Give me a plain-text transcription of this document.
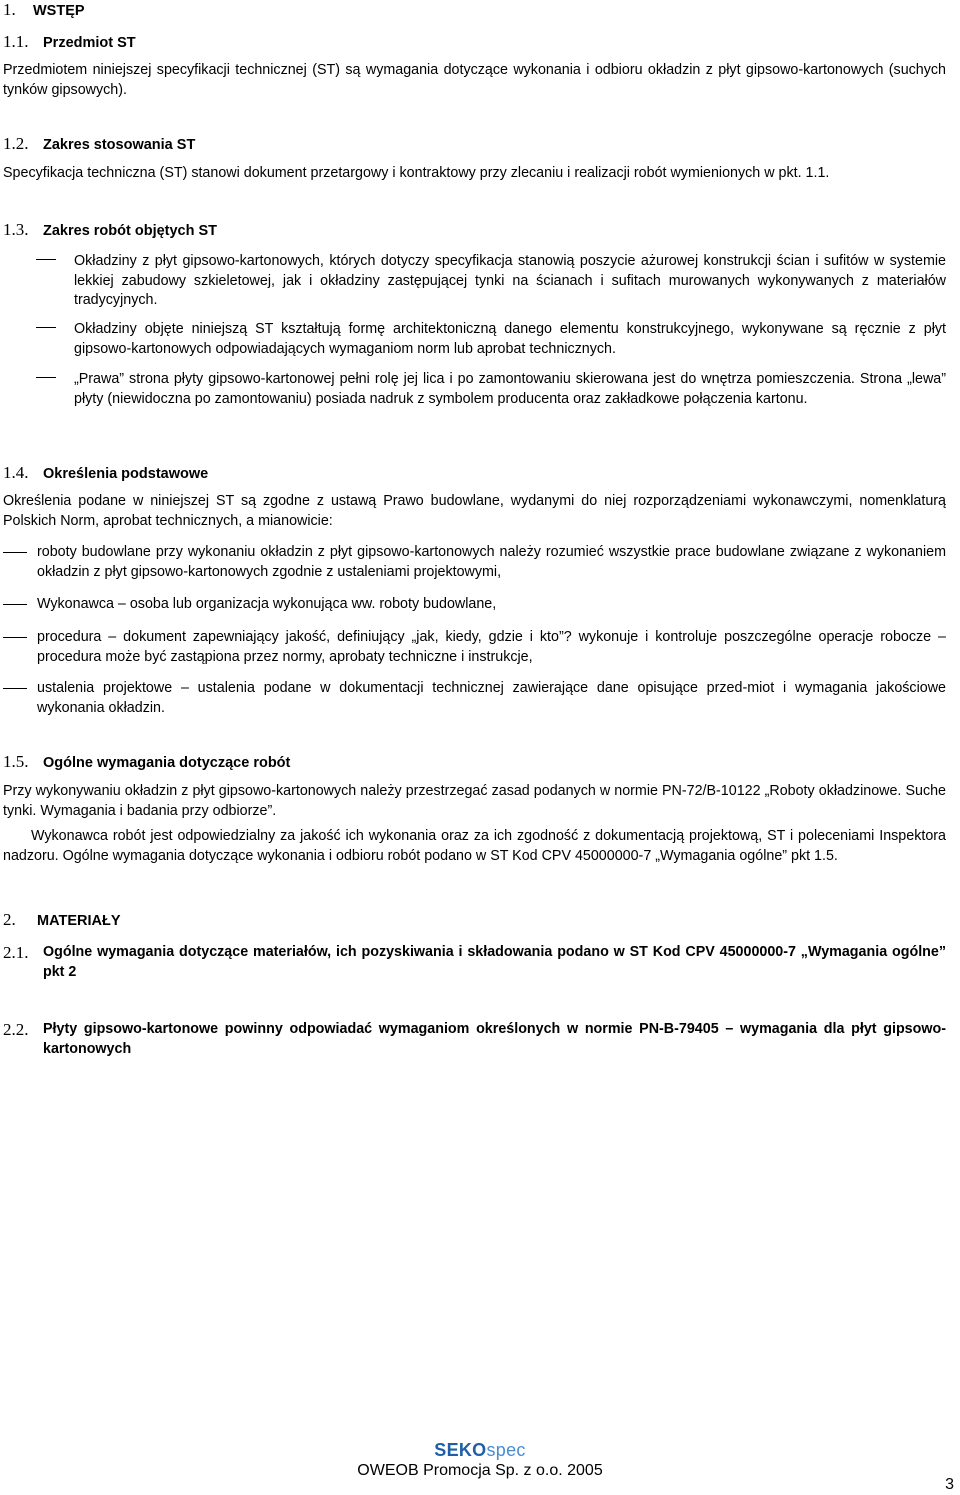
1. WSTĘP
1.1. Przedmiot ST
Przedmiotem niniejszej specyfikacji technicznej (ST) są wymagania dotyczące wykonania i odbioru okładzin z płyt gipsowo-kartonowych (suchych tynków gipsowych).
1.2. Zakres stosowania ST
Specyfikacja techniczna (ST) stanowi dokument przetargowy i kontraktowy przy zlecaniu i realizacji robót wymienionych w pkt. 1.1.
1.3. Zakres robót objętych ST
Okładziny z płyt gipsowo-kartonowych, których dotyczy specyfikacja stanowią poszycie ażurowej konstrukcji ścian i sufitów w systemie lekkiej zabudowy szkieletowej, jak i okładziny zastępującej tynki na ścianach i sufitach murowanych wykonywanych z materiałów tradycyjnych.
Okładziny objęte niniejszą ST kształtują formę architektoniczną danego elementu konstrukcyjnego, wykonywane są ręcznie z płyt gipsowo-kartonowych odpowiadających wymaganiom norm lub aprobat technicznych.
„Prawa” strona płyty gipsowo-kartonowej pełni rolę jej lica i po zamontowaniu skierowana jest do wnętrza pomieszczenia. Strona „lewa” płyty (niewidoczna po zamontowaniu) posiada nadruk z symbolem producenta oraz zakładkowe połączenia kartonu.
1.4. Określenia podstawowe
Określenia podane w niniejszej ST są zgodne z ustawą Prawo budowlane, wydanymi do niej rozporządzeniami wykonawczymi, nomenklaturą Polskich Norm, aprobat technicznych, a mianowicie:
roboty budowlane przy wykonaniu okładzin z płyt gipsowo-kartonowych należy rozumieć wszystkie prace budowlane związane z wykonaniem okładzin z płyt gipsowo-kartonowych zgodnie z ustaleniami projektowymi,
Wykonawca – osoba lub organizacja wykonująca ww. roboty budowlane,
procedura – dokument zapewniający jakość, definiujący „jak, kiedy, gdzie i kto”? wykonuje i kontroluje poszczególne operacje robocze – procedura może być zastąpiona przez normy, aprobaty techniczne i instrukcje,
ustalenia projektowe – ustalenia podane w dokumentacji technicznej zawierające dane opisujące przed-miot i wymagania jakościowe wykonania okładzin.
1.5. Ogólne wymagania dotyczące robót
Przy wykonywaniu okładzin z płyt gipsowo-kartonowych należy przestrzegać zasad podanych w normie PN-72/B-10122 „Roboty okładzinowe. Suche tynki. Wymagania i badania przy odbiorze”.
Wykonawca robót jest odpowiedzialny za jakość ich wykonania oraz za ich zgodność z dokumentacją projektową, ST i poleceniami Inspektora nadzoru. Ogólne wymagania dotyczące wykonania i odbioru robót podano w ST Kod CPV 45000000-7 „Wymagania ogólne” pkt 1.5.
2. MATERIAŁY
2.1.	Ogólne wymagania dotyczące materiałów, ich pozyskiwania i składowania podano w ST Kod CPV 45000000-7 „Wymagania ogólne” pkt 2
2.2.	Płyty gipsowo-kartonowe powinny odpowiadać wymaganiom określonych w normie PN-B-79405 – wymagania dla płyt gipsowo-kartonowych
SEKOspec
OWEOB Promocja Sp. z o.o. 2005
3
